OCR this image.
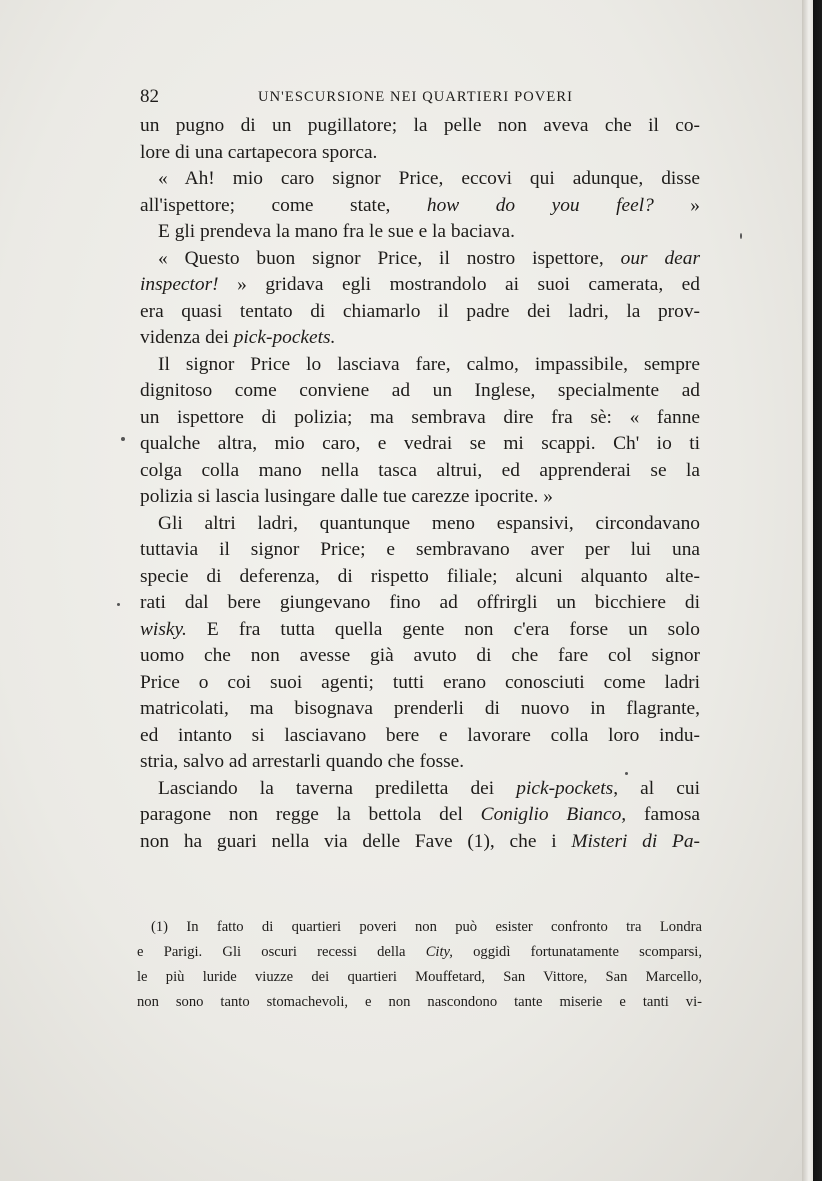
82	UN'ESCURSIONE NEI QUARTIERI POVERI
un pugno di un pugillatore; la pelle non aveva che il co-
lore di una cartapecora sporca.
« Ah! mio caro signor Price, eccovi qui adunque, disse
all'ispettore; come state, how do you feel? »
E gli prendeva la mano fra le sue e la baciava.
« Questo buon signor Price, il nostro ispettore, our dear
inspector! » gridava egli mostrandolo ai suoi camerata, ed
era quasi tentato di chiamarlo il padre dei ladri, la prov-
videnza dei pick-pockets.
Il signor Price lo lasciava fare, calmo, impassibile, sempre
dignitoso come conviene ad un Inglese, specialmente ad
un ispettore di polizia; ma sembrava dire fra sè: « fanne
qualche altra, mio caro, e vedrai se mi scappi. Ch' io ti
colga colla mano nella tasca altrui, ed apprenderai se la
polizia si lascia lusingare dalle tue carezze ipocrite. »
Gli altri ladri, quantunque meno espansivi, circondavano
tuttavia il signor Price; e sembravano aver per lui una
specie di deferenza, di rispetto filiale; alcuni alquanto alte-
rati dal bere giungevano fino ad offrirgli un bicchiere di
wisky. E fra tutta quella gente non c'era forse un solo
uomo che non avesse già avuto di che fare col signor
Price o coi suoi agenti; tutti erano conosciuti come ladri
matricolati, ma bisognava prenderli di nuovo in flagrante,
ed intanto si lasciavano bere e lavorare colla loro indu-
stria, salvo ad arrestarli quando che fosse.
Lasciando la taverna prediletta dei pick-pockets, al cui
paragone non regge la bettola del Coniglio Bianco, famosa
non ha guari nella via delle Fave (1), che i Misteri di Pa-
(1) In fatto di quartieri poveri non può esister confronto tra Londra
e Parigi. Gli oscuri recessi della City, oggidì fortunatamente scomparsi,
le più luride viuzze dei quartieri Mouffetard, San Vittore, San Marcello,
non sono tanto stomachevoli, e non nascondono tante miserie e tanti vi-
